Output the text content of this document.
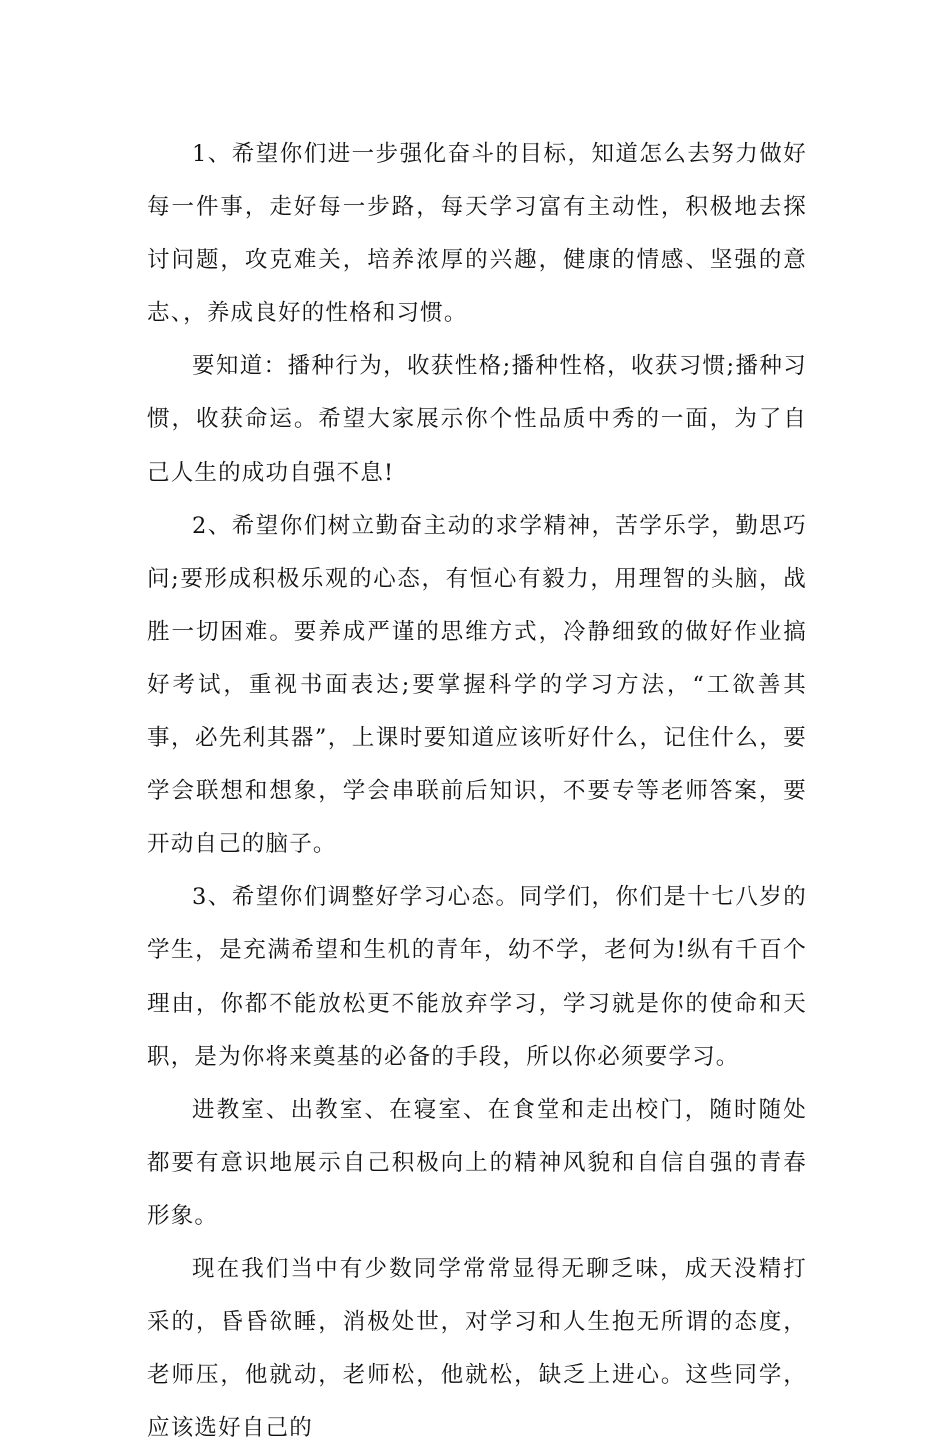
1、希望你们进一步强化奋斗的目标，知道怎么去努力做好每一件事，走好每一步路，每天学习富有主动性，积极地去探讨问题，攻克难关，培养浓厚的兴趣，健康的情感、坚强的意志、，养成良好的性格和习惯。

要知道：播种行为，收获性格;播种性格，收获习惯;播种习惯，收获命运。希望大家展示你个性品质中秀的一面，为了自己人生的成功自强不息!

2、希望你们树立勤奋主动的求学精神，苦学乐学，勤思巧问;要形成积极乐观的心态，有恒心有毅力，用理智的头脑，战胜一切困难。要养成严谨的思维方式，冷静细致的做好作业搞好考试，重视书面表达;要掌握科学的学习方法，“工欲善其事，必先利其器”，上课时要知道应该听好什么，记住什么，要学会联想和想象，学会串联前后知识，不要专等老师答案，要开动自己的脑子。

3、希望你们调整好学习心态。同学们，你们是十七八岁的学生，是充满希望和生机的青年，幼不学，老何为!纵有千百个理由，你都不能放松更不能放弃学习，学习就是你的使命和天职，是为你将来奠基的必备的手段，所以你必须要学习。

进教室、出教室、在寝室、在食堂和走出校门，随时随处都要有意识地展示自己积极向上的精神风貌和自信自强的青春形象。

现在我们当中有少数同学常常显得无聊乏味，成天没精打采的，昏昏欲睡，消极处世，对学习和人生抱无所谓的态度，老师压，他就动，老师松，他就松，缺乏上进心。这些同学，应该选好自己的
